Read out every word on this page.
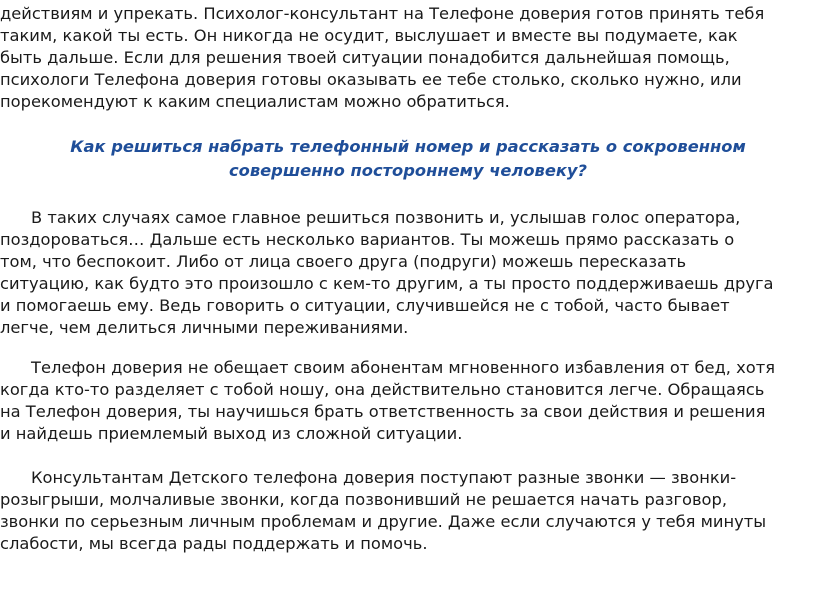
действиям и упрекать. Психолог-консультант на Телефоне доверия готов принять тебя
таким, какой ты есть. Он никогда не осудит, выслушает и вместе вы подумаете, как
быть дальше. Если для решения твоей ситуации понадобится дальнейшая помощь,
психологи Телефона доверия готовы оказывать ее тебе столько, сколько нужно, или
порекомендуют к каким специалистам можно обратиться.
Как решиться набрать телефонный номер и рассказать о сокровенном
совершенно постороннему человеку?
В таких случаях самое главное решиться позвонить и, услышав голос оператора,
поздороваться… Дальше есть несколько вариантов. Ты можешь прямо рассказать о
том, что беспокоит. Либо от лица своего друга (подруги) можешь пересказать
ситуацию, как будто это произошло с кем-то другим, а ты просто поддерживаешь друга
и помогаешь ему. Ведь говорить о ситуации, случившейся не с тобой, часто бывает
легче, чем делиться личными переживаниями.
Телефон доверия не обещает своим абонентам мгновенного избавления от бед, хотя
когда кто-то разделяет с тобой ношу, она действительно становится легче. Обращаясь
на Телефон доверия, ты научишься брать ответственность за свои действия и решения
и найдешь приемлемый выход из сложной ситуации.
Консультантам Детского телефона доверия поступают разные звонки — звонки-
розыгрыши, молчаливые звонки, когда позвонивший не решается начать разговор,
звонки по серьезным личным проблемам и другие. Даже если случаются у тебя минуты
слабости, мы всегда рады поддержать и помочь.
